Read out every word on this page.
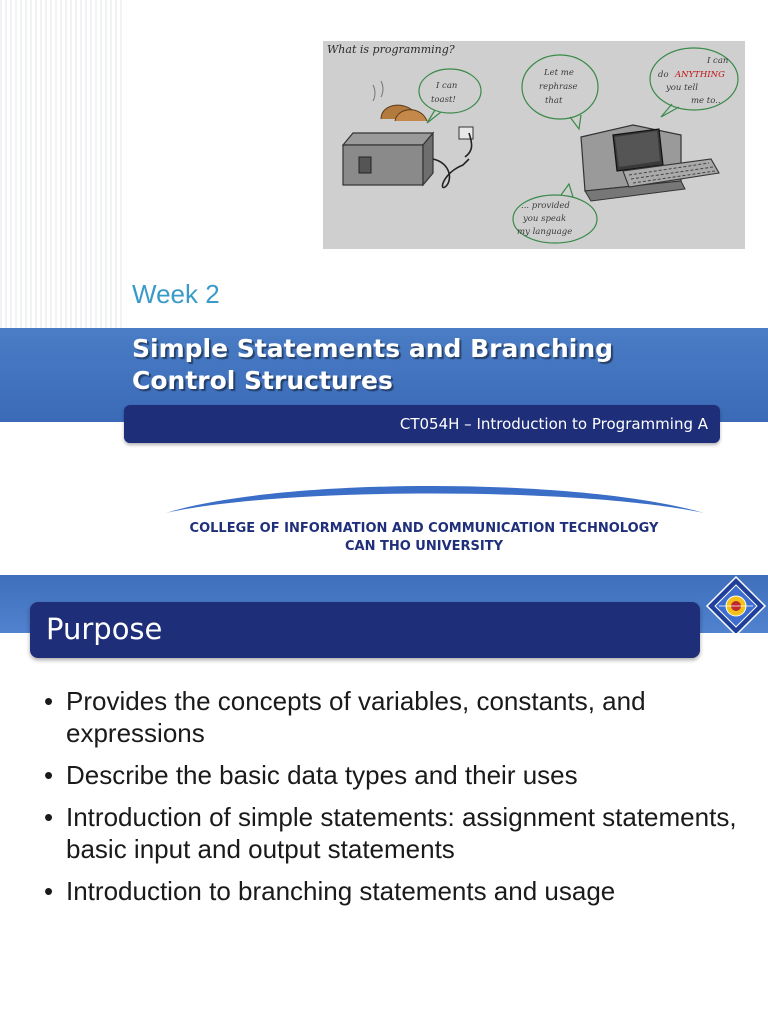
What is programming?
I can
toast!
Let me
rephrase
that
I can
do ANYTHING
you tell
me to..
... provided
you speak
my language
Week 2
Simple Statements and Branching
Control Structures
CT054H – Introduction to Programming A
COLLEGE OF INFORMATION AND COMMUNICATION TECHNOLOGY
CAN THO UNIVERSITY
Purpose
• Provides the concepts of variables, constants, and expressions
• Describe the basic data types and their uses
• Introduction of simple statements: assignment statements, basic input and output statements
• Introduction to branching statements and usage
